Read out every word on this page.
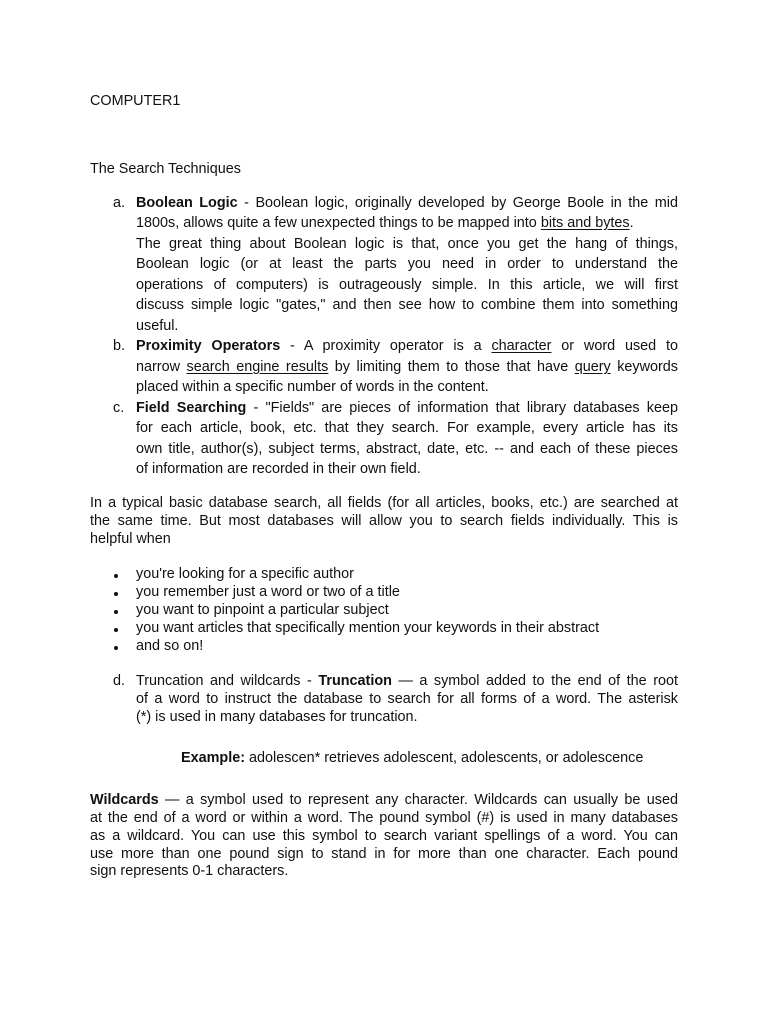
COMPUTER1
The Search Techniques
a. Boolean Logic - Boolean logic, originally developed by George Boole in the mid
1800s, allows quite a few unexpected things to be mapped into bits and bytes.
The great thing about Boolean logic is that, once you get the hang of things,
Boolean logic (or at least the parts you need in order to understand the
operations of computers) is outrageously simple. In this article, we will first
discuss simple logic "gates," and then see how to combine them into something
useful.
b. Proximity Operators - A proximity operator is a character or word used to
narrow search engine results by limiting them to those that have query keywords
placed within a specific number of words in the content.
c. Field Searching - "Fields" are pieces of information that library databases keep
for each article, book, etc. that they search. For example, every article has its
own title, author(s), subject terms, abstract, date, etc. -- and each of these pieces
of information are recorded in their own field.
In a typical basic database search, all fields (for all articles, books, etc.) are searched at
the same time. But most databases will allow you to search fields individually. This is
helpful when
you're looking for a specific author
you remember just a word or two of a title
you want to pinpoint a particular subject
you want articles that specifically mention your keywords in their abstract
and so on!
d. Truncation and wildcards - Truncation — a symbol added to the end of the root
of a word to instruct the database to search for all forms of a word. The asterisk
(*) is used in many databases for truncation.
Example: adolescen* retrieves adolescent, adolescents, or adolescence
Wildcards — a symbol used to represent any character. Wildcards can usually be used
at the end of a word or within a word. The pound symbol (#) is used in many databases
as a wildcard. You can use this symbol to search variant spellings of a word. You can
use more than one pound sign to stand in for more than one character. Each pound
sign represents 0-1 characters.
